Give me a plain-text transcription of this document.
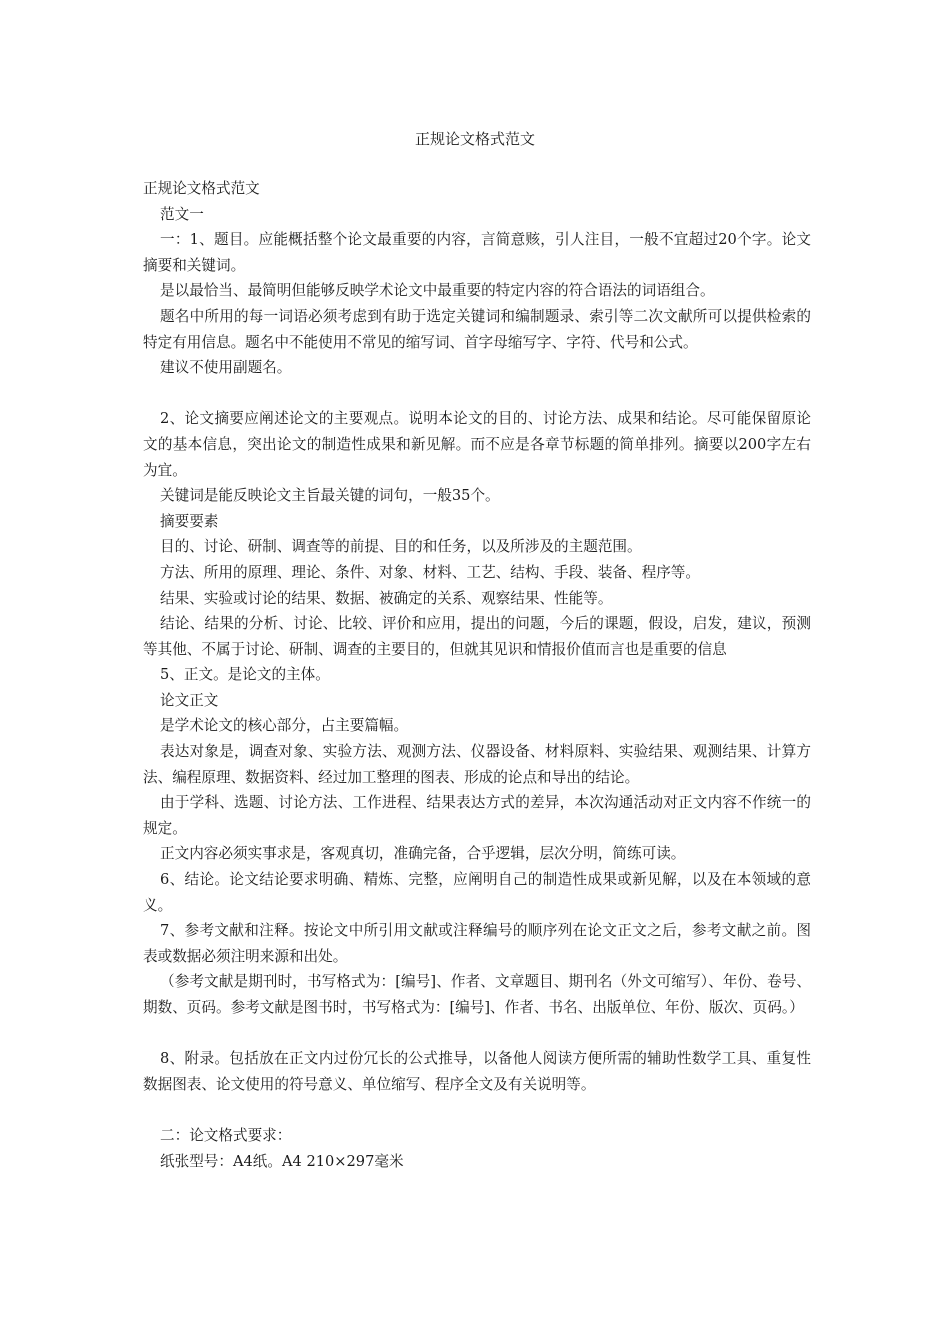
正规论文格式范文

正规论文格式范文

范文一

一：1、题目。应能概括整个论文最重要的内容，言简意赅，引人注目，一般不宜超过20个字。论文摘要和关键词。

是以最恰当、最简明但能够反映学术论文中最重要的特定内容的符合语法的词语组合。

题名中所用的每一词语必须考虑到有助于选定关键词和编制题录、索引等二次文献所可以提供检索的特定有用信息。题名中不能使用不常见的缩写词、首字母缩写字、字符、代号和公式。

建议不使用副题名。

2、论文摘要应阐述论文的主要观点。说明本论文的目的、讨论方法、成果和结论。尽可能保留原论文的基本信息，突出论文的制造性成果和新见解。而不应是各章节标题的简单排列。摘要以200字左右为宜。

关键词是能反映论文主旨最关键的词句，一般35个。

摘要要素

目的、讨论、研制、调查等的前提、目的和任务，以及所涉及的主题范围。

方法、所用的原理、理论、条件、对象、材料、工艺、结构、手段、装备、程序等。

结果、实验或讨论的结果、数据、被确定的关系、观察结果、性能等。

结论、结果的分析、讨论、比较、评价和应用，提出的问题，今后的课题，假设，启发，建议，预测等其他、不属于讨论、研制、调查的主要目的，但就其见识和情报价值而言也是重要的信息

5、正文。是论文的主体。

论文正文

是学术论文的核心部分，占主要篇幅。

表达对象是，调查对象、实验方法、观测方法、仪器设备、材料原料、实验结果、观测结果、计算方法、编程原理、数据资料、经过加工整理的图表、形成的论点和导出的结论。

由于学科、选题、讨论方法、工作进程、结果表达方式的差异，本次沟通活动对正文内容不作统一的规定。

正文内容必须实事求是，客观真切，准确完备，合乎逻辑，层次分明，简练可读。

6、结论。论文结论要求明确、精炼、完整，应阐明自己的制造性成果或新见解，以及在本领域的意义。

7、参考文献和注释。按论文中所引用文献或注释编号的顺序列在论文正文之后，参考文献之前。图表或数据必须注明来源和出处。

（参考文献是期刊时，书写格式为：[编号]、作者、文章题目、期刊名（外文可缩写）、年份、卷号、期数、页码。参考文献是图书时，书写格式为：[编号]、作者、书名、出版单位、年份、版次、页码。）

8、附录。包括放在正文内过份冗长的公式推导，以备他人阅读方便所需的辅助性数学工具、重复性数据图表、论文使用的符号意义、单位缩写、程序全文及有关说明等。

二：论文格式要求：

纸张型号：A4纸。A4 210×297毫米
